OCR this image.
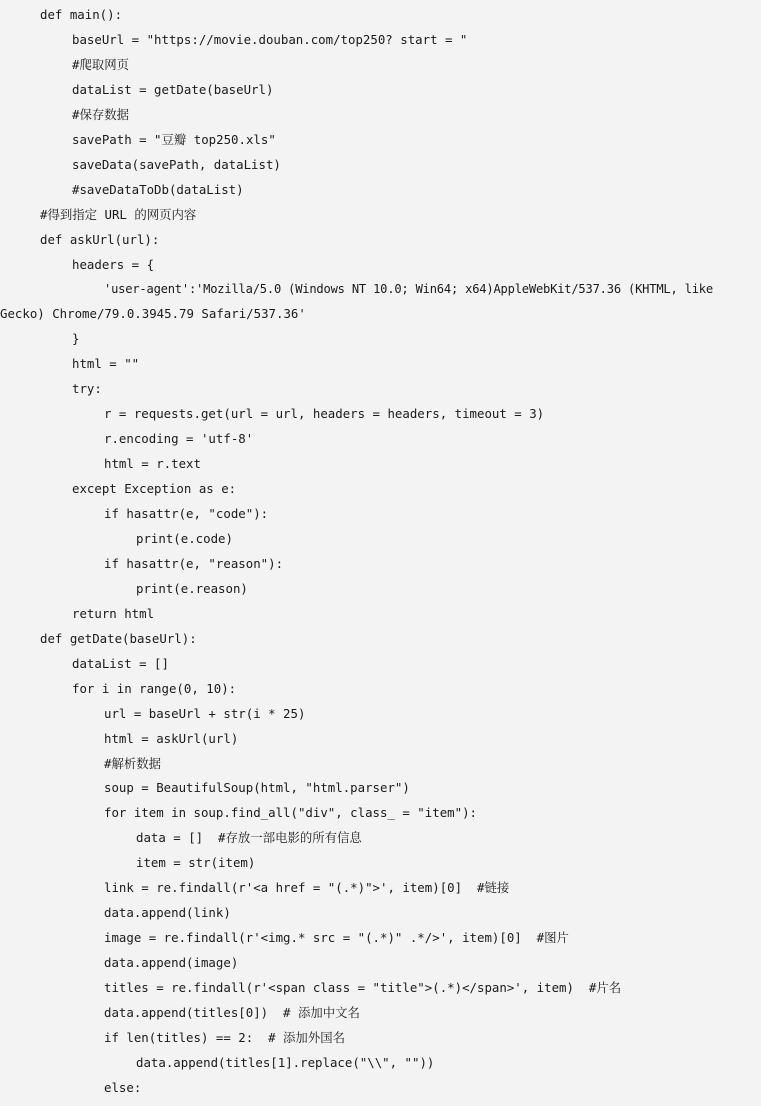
def main():
baseUrl = "https://movie.douban.com/top250? start = "
#爬取网页
dataList = getDate(baseUrl)
#保存数据
savePath = "豆瓣 top250.xls"
saveData(savePath, dataList)
#saveDataToDb(dataList)
#得到指定 URL 的网页内容
def askUrl(url):
headers = {
'user-agent':'Mozilla/5.0 (Windows NT 10.0; Win64; x64)AppleWebKit/537.36 (KHTML, like
Gecko) Chrome/79.0.3945.79 Safari/537.36'
}
html = ""
try:
r = requests.get(url = url, headers = headers, timeout = 3)
r.encoding = 'utf-8'
html = r.text
except Exception as e:
if hasattr(e, "code"):
print(e.code)
if hasattr(e, "reason"):
print(e.reason)
return html
def getDate(baseUrl):
dataList = []
for i in range(0, 10):
url = baseUrl + str(i * 25)
html = askUrl(url)
#解析数据
soup = BeautifulSoup(html, "html.parser")
for item in soup.find_all("div", class_ = "item"):
data = []  #存放一部电影的所有信息
item = str(item)
link = re.findall(r'<a href = "(.*)">', item)[0]  #链接
data.append(link)
image = re.findall(r'<img.* src = "(.*)" .*/>', item)[0]  #图片
data.append(image)
titles = re.findall(r'<span class = "title">(.*)</span>', item)  #片名
data.append(titles[0])  # 添加中文名
if len(titles) == 2:  # 添加外国名
data.append(titles[1].replace("\\", ""))
else:
